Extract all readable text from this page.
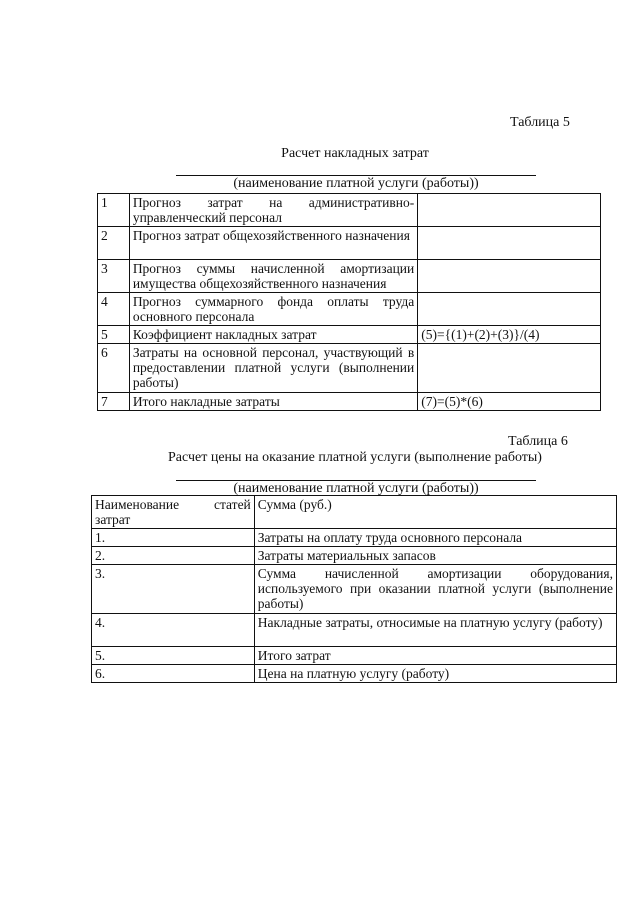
Таблица 5
Расчет накладных затрат
(наименование платной услуги (работы))
1	Прогноз затрат на административно-управленческий персонал	
2	Прогноз затрат общехозяйственного назначения	
3	Прогноз суммы начисленной амортизации имущества общехозяйственного назначения	
4	Прогноз суммарного фонда оплаты труда основного персонала	
5	Коэффициент накладных затрат	(5)={(1)+(2)+(3)}/(4)
6	Затраты на основной персонал, участвующий в предоставлении платной услуги (выполнении работы)	
7	Итого накладные затраты	(7)=(5)*(6)
Таблица 6
Расчет цены на оказание платной услуги (выполнение работы)
(наименование платной услуги (работы))
Наименование статей затрат	Сумма (руб.)
1.	Затраты на оплату труда основного персонала
2.	Затраты материальных запасов
3.	Сумма начисленной амортизации оборудования, используемого при оказании платной услуги (выполнение работы)
4.	Накладные затраты, относимые на платную услугу (работу)
5.	Итого затрат
6.	Цена на платную услугу (работу)
